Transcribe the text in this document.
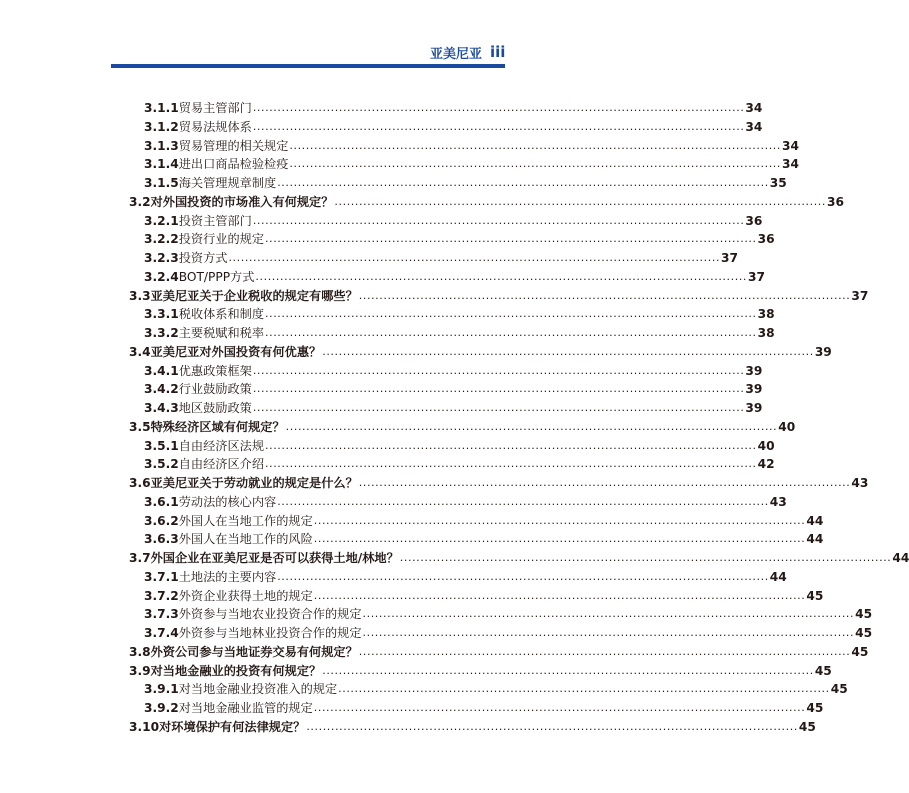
亚美尼亚 iii
3.1.1 贸易主管部门 ........................................................................................................................ 34
3.1.2 贸易法规体系 ........................................................................................................................ 34
3.1.3 贸易管理的相关规定 ........................................................................................................................ 34
3.1.4 进出口商品检验检疫 ........................................................................................................................ 34
3.1.5 海关管理规章制度 ........................................................................................................................ 35
3.2 对外国投资的市场准入有何规定？ ........................................................................................................................ 36
3.2.1 投资主管部门 ........................................................................................................................ 36
3.2.2 投资行业的规定 ........................................................................................................................ 36
3.2.3 投资方式 ........................................................................................................................ 37
3.2.4 BOT/PPP方式 ........................................................................................................................ 37
3.3 亚美尼亚关于企业税收的规定有哪些？ ........................................................................................................................ 37
3.3.1 税收体系和制度 ........................................................................................................................ 38
3.3.2 主要税赋和税率 ........................................................................................................................ 38
3.4 亚美尼亚对外国投资有何优惠？ ........................................................................................................................ 39
3.4.1 优惠政策框架 ........................................................................................................................ 39
3.4.2 行业鼓励政策 ........................................................................................................................ 39
3.4.3 地区鼓励政策 ........................................................................................................................ 39
3.5 特殊经济区域有何规定？ ........................................................................................................................ 40
3.5.1 自由经济区法规 ........................................................................................................................ 40
3.5.2 自由经济区介绍 ........................................................................................................................ 42
3.6 亚美尼亚关于劳动就业的规定是什么？ ........................................................................................................................ 43
3.6.1 劳动法的核心内容 ........................................................................................................................ 43
3.6.2 外国人在当地工作的规定 ........................................................................................................................ 44
3.6.3 外国人在当地工作的风险 ........................................................................................................................ 44
3.7 外国企业在亚美尼亚是否可以获得土地/林地？ ........................................................................................................................ 44
3.7.1 土地法的主要内容 ........................................................................................................................ 44
3.7.2 外资企业获得土地的规定 ........................................................................................................................ 45
3.7.3 外资参与当地农业投资合作的规定 ........................................................................................................................ 45
3.7.4 外资参与当地林业投资合作的规定 ........................................................................................................................ 45
3.8 外资公司参与当地证券交易有何规定？ ........................................................................................................................ 45
3.9 对当地金融业的投资有何规定？ ........................................................................................................................ 45
3.9.1 对当地金融业投资准入的规定 ........................................................................................................................ 45
3.9.2 对当地金融业监管的规定 ........................................................................................................................ 45
3.10 对环境保护有何法律规定？ ........................................................................................................................ 45
